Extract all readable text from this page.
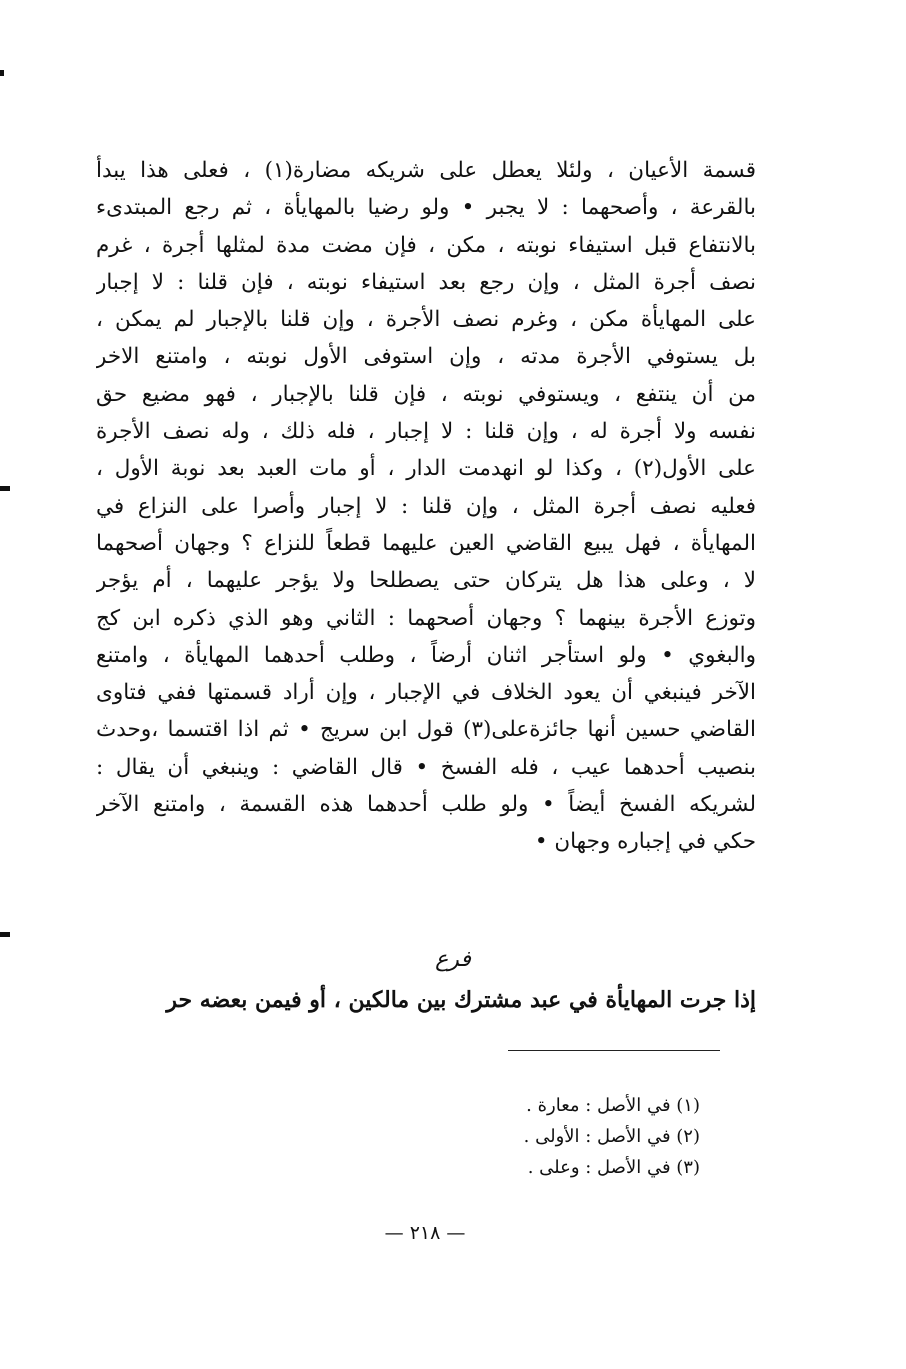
قسمة الأعيان ، ولئلا يعطل على شريكه مضارة(١) ، فعلى هذا يبدأ
بالقرعة ، وأصحهما : لا يجبر • ولو رضيا بالمهايأة ، ثم رجع المبتدىء
بالانتفاع قبل استيفاء نوبته ، مكن ، فإن مضت مدة لمثلها أجرة ، غرم
نصف أجرة المثل ، وإن رجع بعد استيفاء نوبته ، فإن قلنا : لا إجبار
على المهايأة مكن ، وغرم نصف الأجرة ، وإن قلنا بالإجبار لم يمكن ،
بل يستوفي الأجرة مدته ، وإن استوفى الأول نوبته ، وامتنع الاخر
من أن ينتفع ، ويستوفي نوبته ، فإن قلنا بالإجبار ، فهو مضيع حق
نفسه ولا أجرة له ، وإن قلنا : لا إجبار ، فله ذلك ، وله نصف الأجرة
على الأول(٢) ، وكذا لو انهدمت الدار ، أو مات العبد بعد نوبة الأول ،
فعليه نصف أجرة المثل ، وإن قلنا : لا إجبار وأصرا على النزاع في
المهايأة ، فهل يبيع القاضي العين عليهما قطعاً للنزاع ؟ وجهان أصحهما
لا ، وعلى هذا هل يتركان حتى يصطلحا ولا يؤجر عليهما ، أم يؤجر
وتوزع الأجرة بينهما ؟ وجهان أصحهما : الثاني وهو الذي ذكره ابن كج
والبغوي • ولو استأجر اثنان أرضاً ، وطلب أحدهما المهايأة ، وامتنع
الآخر فينبغي أن يعود الخلاف في الإجبار ، وإن أراد قسمتها ففي فتاوى
القاضي حسين أنها جائزةعلى(٣) قول ابن سريج • ثم اذا اقتسما ،وحدث
بنصيب أحدهما عيب ، فله الفسخ • قال القاضي : وينبغي أن يقال :
لشريكه الفسخ أيضاً • ولو طلب أحدهما هذه القسمة ، وامتنع الآخر
حكي في إجباره وجهان •
فرع
إذا جرت المهايأة في عبد مشترك بين مالكين ، أو فيمن بعضه حر
(١) في الأصل : معارة .
(٢) في الأصل : الأولى .
(٣) في الأصل : وعلى .
— ٢١٨ —
